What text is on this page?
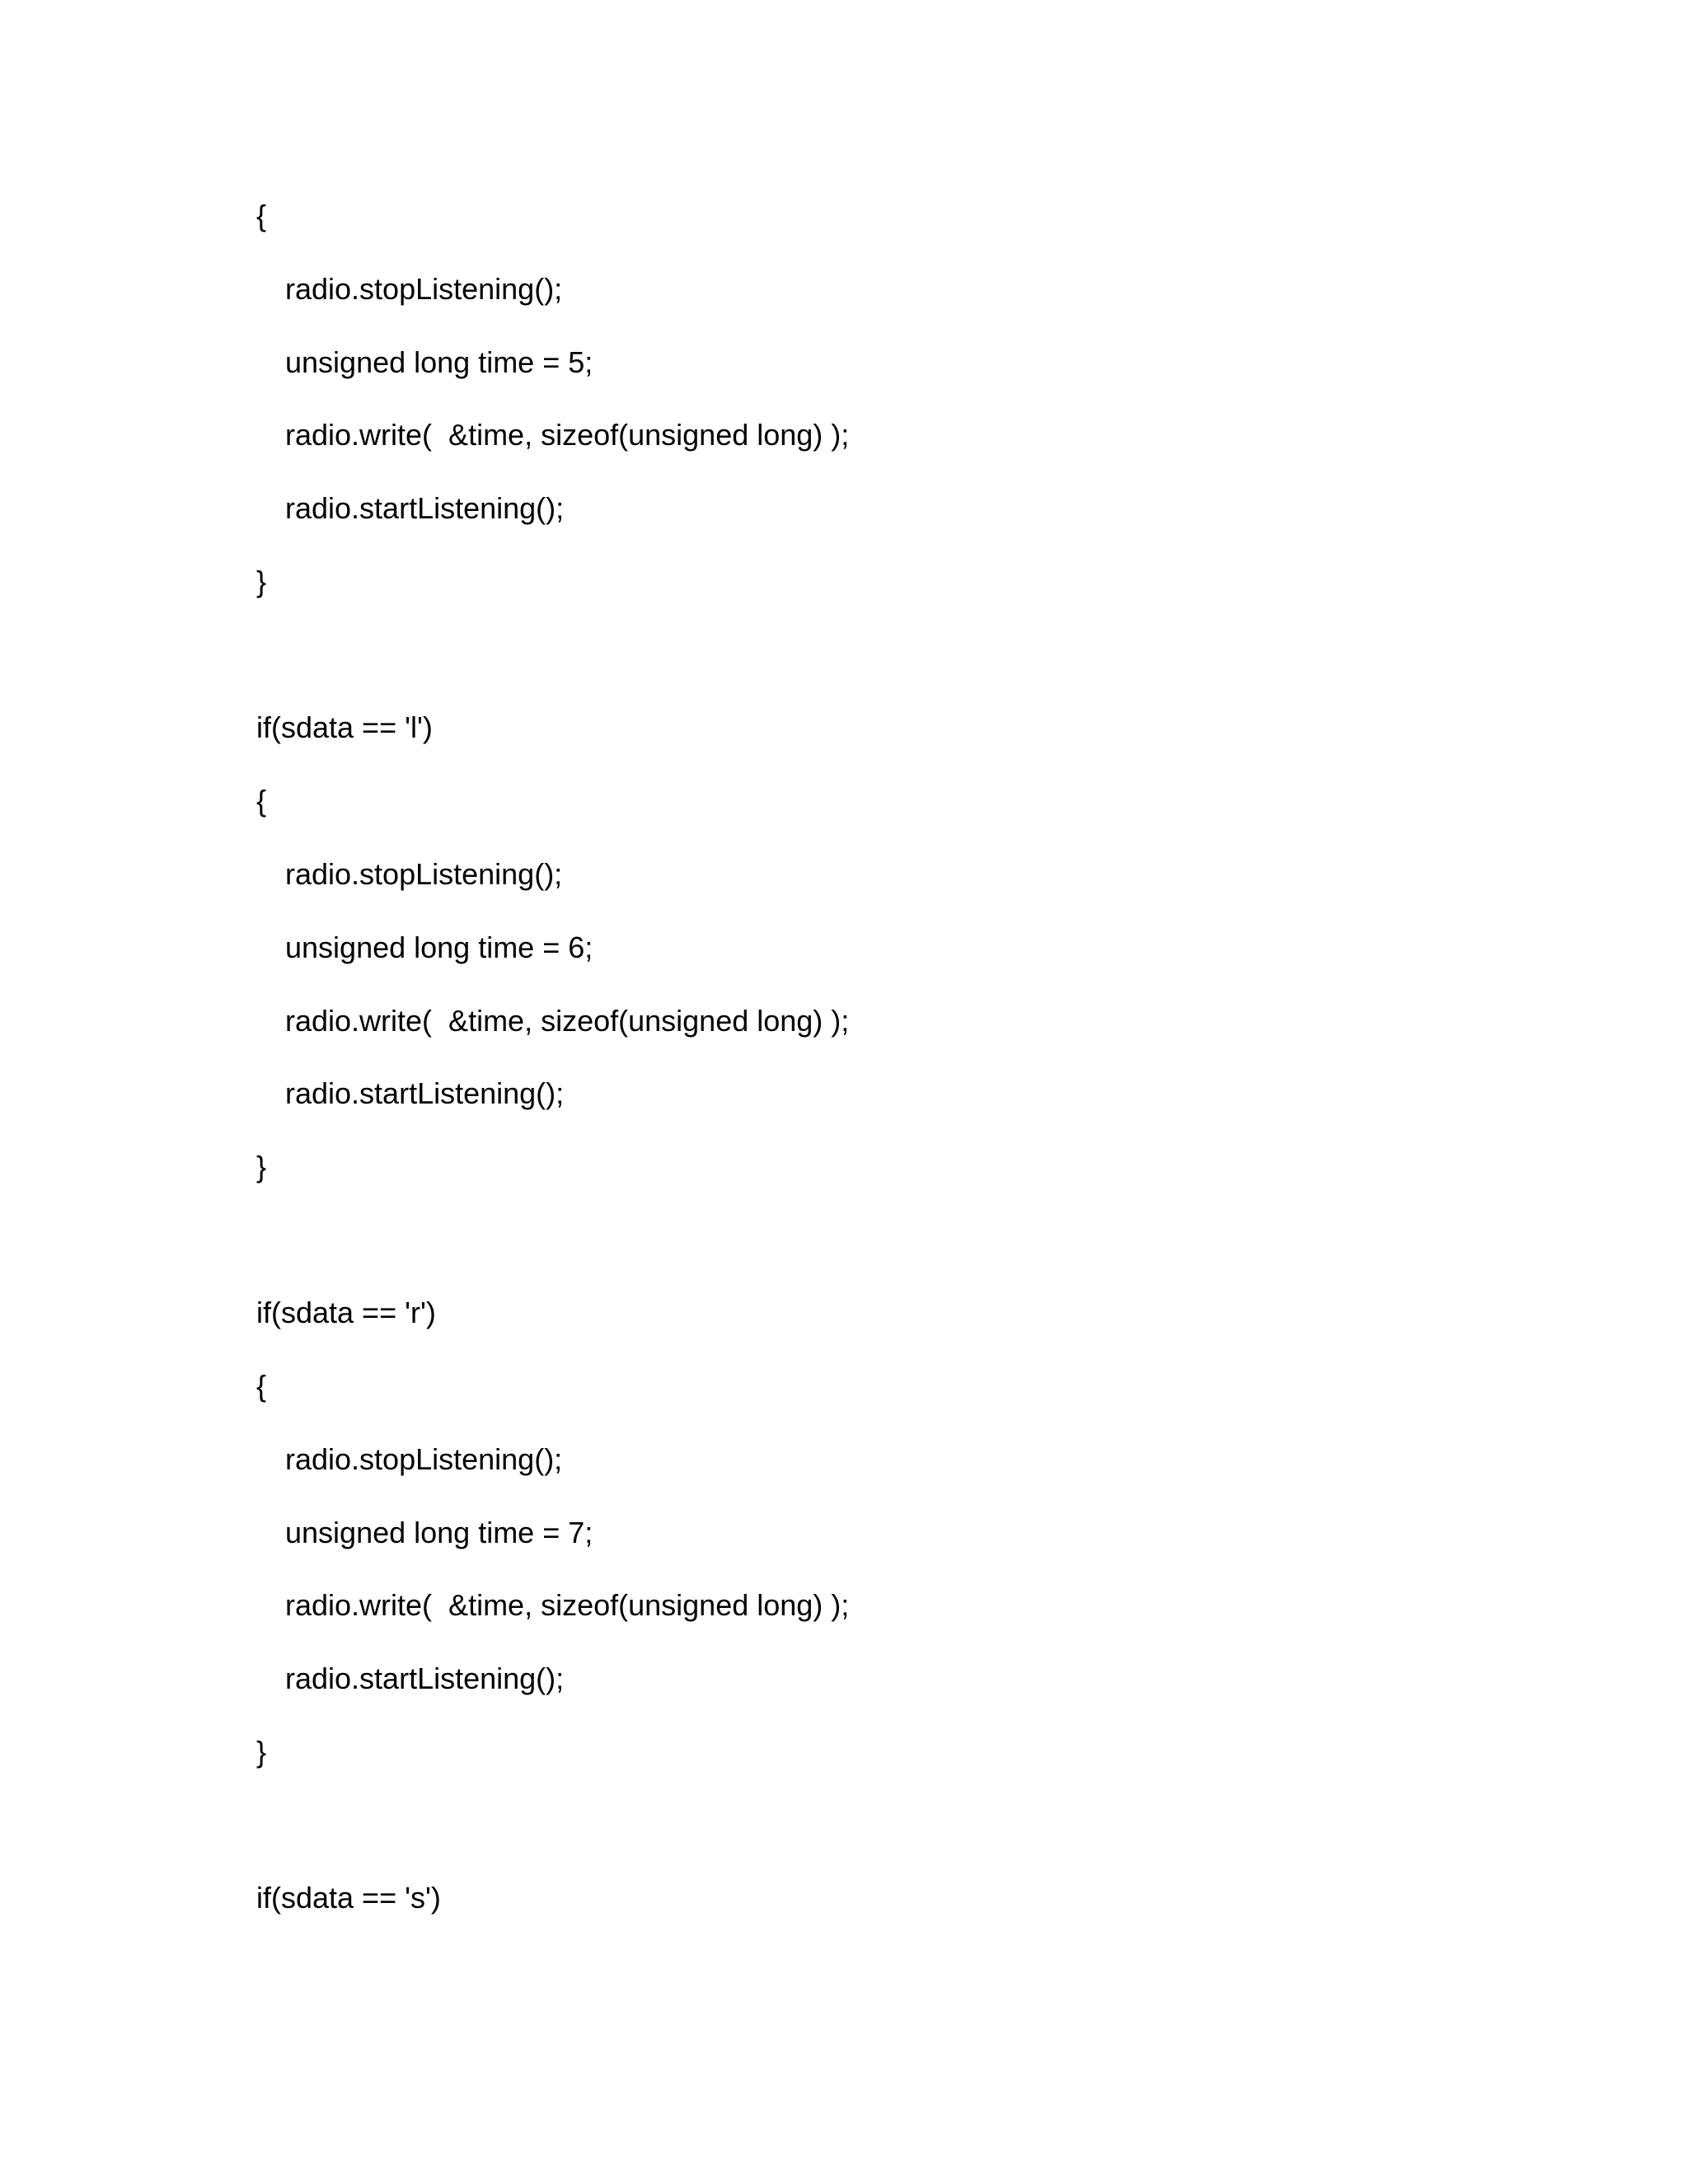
{
radio.stopListening();
unsigned long time = 5;
radio.write(  &time, sizeof(unsigned long) );
radio.startListening();
}
if(sdata == 'l')
{
radio.stopListening();
unsigned long time = 6;
radio.write(  &time, sizeof(unsigned long) );
radio.startListening();
}
if(sdata == 'r')
{
radio.stopListening();
unsigned long time = 7;
radio.write(  &time, sizeof(unsigned long) );
radio.startListening();
}
if(sdata == 's')
